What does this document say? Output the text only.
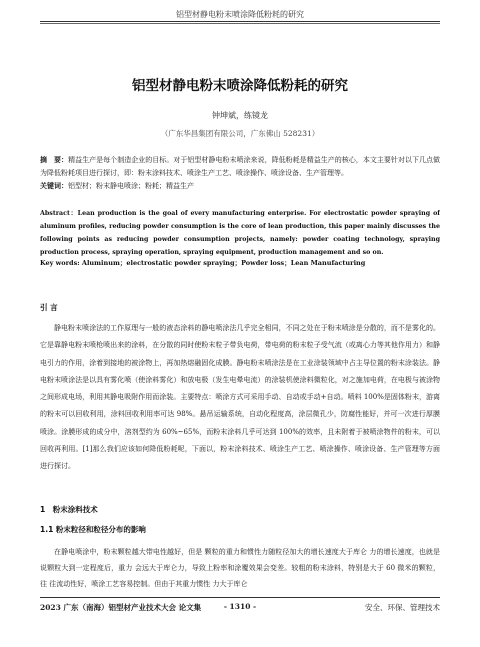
铝型材静电粉末喷涂降低粉耗的研究
铝型材静电粉末喷涂降低粉耗的研究
钟坤斌，练镜龙
（广东华昌集团有限公司，广东佛山 528231）
摘　要：精益生产是每个制造企业的目标。对于铝型材静电粉末喷涂来说，降低粉耗是精益生产的核心，本文主要针对以下几点做为降低粉耗项目进行探讨，即：粉末涂料技术、喷涂生产工艺、喷涂操作、喷涂设备、生产管理等。
关键词：铝型材；粉末静电喷涂；粉耗；精益生产
Abstract：Lean production is the goal of every manufacturing enterprise. For electrostatic powder spraying of aluminum profiles, reducing powder consumption is the core of lean production, this paper mainly discusses the following points as reducing powder consumption projects, namely: powder coating technology, spraying production process, spraying operation, spraying equipment, production management and so on.
Key words: Aluminum；electrostatic powder spraying；Powder loss；Lean Manufacturing
引 言
静电粉末喷涂法的工作原理与一般的液态涂料的静电喷涂法几乎完全相同，不同之处在于粉末喷涂是分散的，而不是雾化的。它是靠静电粉末喷枪喷出来的涂料，在分散的同时使粉末粒子带负电荷，带电荷的粉末粒子受气流（或离心力等其他作用力）和静电引力的作用，涂着到接地的被涂物上，再加热熔融固化成膜。静电粉末喷涂法是在工业涂装领域中占主导位置的粉末涂装法。静电粉末喷涂法是以具有雾化喷（使涂料雾化）和放电极（发生电晕电流）的涂装机使涂料微粒化，对之施加电荷，在电极与被涂物之间形成电场，利用其静电吸附作用而涂装。主要特点：喷涂方式可采用手动、自动或手动+自动。喷料 100%是固体粉末，游离的粉末可以回收利用，涂料回收利用率可达 98%。悬吊运输系统，自动化程度高，涂层微孔少，防腐性能好，并可一次进行厚膜喷涂。涂膜形成的成分中，溶剂型约为 60%~65%，而粉末涂料几乎可达到 100%的效率，且未附着于被喷涂物件的粉末，可以回收再利用。[1]那么我们应该如何降低粉耗呢，下面以，粉末涂料技术、喷涂生产工艺、喷涂操作、喷涂设备、生产管理等方面进行探讨。
1　粉末涂料技术
1.1 粉末粒径和粒径分布的影响
在静电喷涂中，粉末颗粒越大带电性越好，但是 颗粒的重力和惯性力随粒径加大的增长速度大于库仑 力的增长速度，也就是说颗粒大到一定程度后，重力 会远大于库仑力，导致上粉率和涂覆效果会变差。较粗的粉末涂料，特别是大于 60 微米的颗粒，往 往流动性好，喷涂工艺容易控制。但由于其重力惯性 力大于库仑
2023 广东（南海）铝型材产业技术大会 论文集	- 1310 -	安全、环保、管理技术
